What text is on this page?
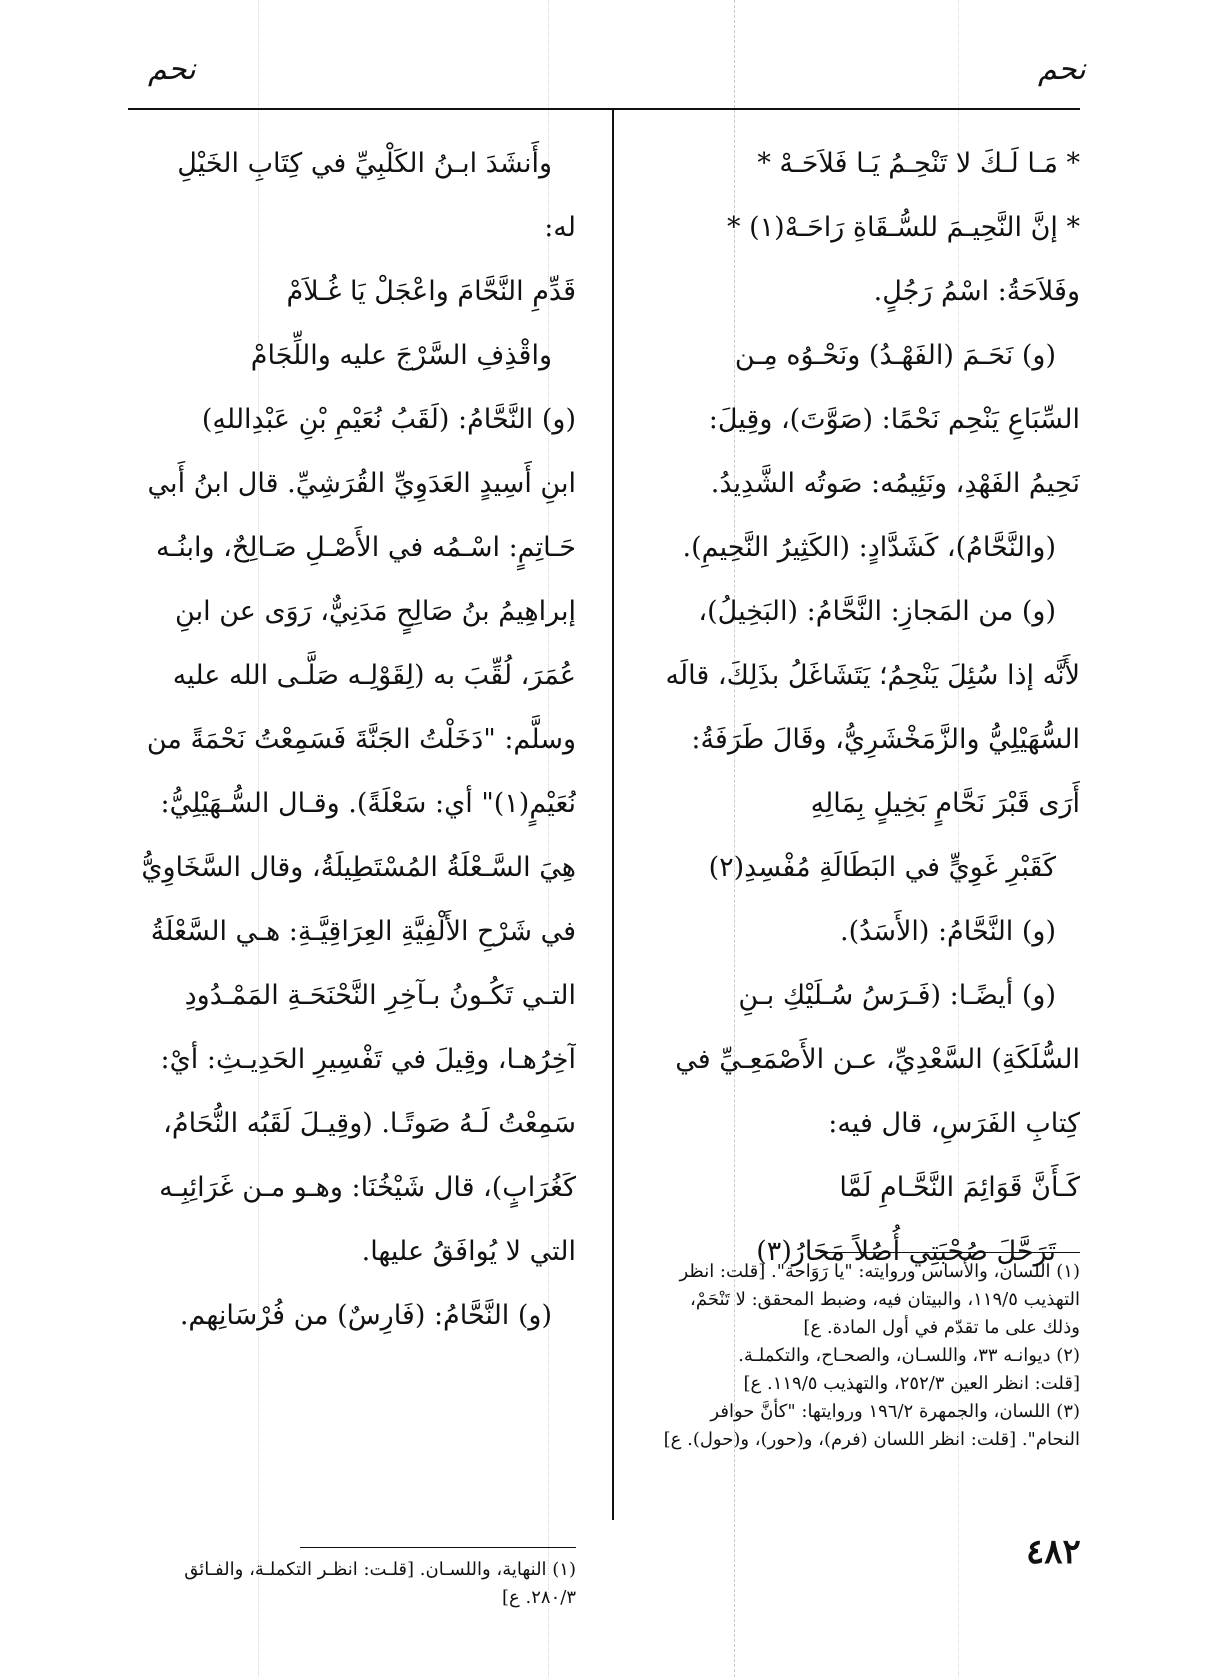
نحم	نحم
* مَـا لَـكَ لا تَنْحِـمُ يَـا فَلاَحَـهْ *
* إنَّ النَّحِيـمَ للسُّـقَاةِ رَاحَـهْ(١) *
وفَلاَحَةُ: اسْمُ رَجُلٍ.
(و) نَحَـمَ (الفَهْـدُ) ونَحْـوُه مِـن
السِّبَاعِ يَنْحِم نَحْمًا: (صَوَّتَ)، وقِيلَ:
نَحِيمُ الفَهْدِ، ونَئِيمُه: صَوتُه الشَّدِيدُ.
(والنَّحَّامُ)، كَشَدَّادٍ: (الكَثِيرُ النَّحِيمِ).
(و) من المَجازِ: النَّحَّامُ: (البَخِيلُ)،
لأَنَّه إذا سُئِلَ يَنْحِمُ؛ يَتَشَاغَلُ بذَلِكَ، قالَه
السُّهَيْلِيُّ والزَّمَخْشَرِيُّ، وقَالَ طَرَفَةُ:
أَرَى قَبْرَ نَحَّامٍ بَخِيلٍ بِمَالِهِ
كَقَبْرِ غَوِيٍّ في البَطَالَةِ مُفْسِدِ(٢)
(و) النَّحَّامُ: (الأَسَدُ).
(و) أيضًـا: (فَـرَسُ سُـلَيْكِ بـنِ
السُّلَكَةِ) السَّعْدِيِّ، عـن الأَصْمَعِـيِّ في
كِتابِ الفَرَسِ، قال فيه:
كَـأَنَّ قَوَائِمَ النَّحَّـامِ لَمَّا
تَرَحَّلَ صُحْبَتِي أُصُلاً مَحَارُ(٣)
وأَنشَدَ ابـنُ الكَلْبِيِّ في كِتَابِ الخَيْلِ
له:
قَدِّمِ النَّحَّامَ واعْجَلْ يَا غُـلاَمْ
واقْذِفِ السَّرْجَ عليه واللِّجَامْ
(و) النَّحَّامُ: (لَقَبُ نُعَيْمِ بْنِ عَبْدِاللهِ)
ابنِ أَسِيدٍ العَدَوِيِّ القُرَشِيِّ. قال ابنُ أَبي
حَـاتِمٍ: اسْـمُه في الأَصْـلِ صَـالِحٌ، وابنُـه
إبراهِيمُ بنُ صَالِحٍ مَدَنِيٌّ، رَوَى عن ابنِ
عُمَرَ، لُقِّبَ به (لِقَوْلِـه صَلَّـى الله عليه
وسلَّم: "دَخَلْتُ الجَنَّةَ فَسَمِعْتُ نَحْمَةً من
نُعَيْمٍ(١)" أي: سَعْلَةً). وقـال السُّـهَيْلِيُّ:
هِيَ السَّـعْلَةُ المُسْتَطِيلَةُ، وقال السَّخَاوِيُّ
في شَرْحِ الأَلْفِيَّةِ العِرَاقِيَّـةِ: هـي السَّعْلَةُ
التـي تَكُـونُ بـآخِرِ النَّحْنَحَـةِ المَمْـدُودِ
آخِرُهـا، وقِيلَ في تَفْسِيرِ الحَدِيـثِ: أيْ:
سَمِعْتُ لَـهُ صَوتًـا. (وقِيـلَ لَقَبُه النُّحَامُ،
كَغُرَابٍ)، قال شَيْخُنَا: وهـو مـن غَرَائِبِـه
التي لا يُوافَقُ عليها.
(و) النَّحَّامُ: (فَارِسٌ) من فُرْسَانِهم.
(١) اللسان، والأساس وروايته: "يا رَوَاحة". [قلت: انظر
التهذيب ١١٩/٥، والبيتان فيه، وضبط المحقق: لا تَنْحَمْ،
وذلك على ما تقدّم في أول المادة. ع]
(٢) ديوانـه ٣٣، واللسـان، والصحـاح، والتكملـة.
[قلت: انظر العين ٢٥٢/٣، والتهذيب ١١٩/٥. ع]
(٣) اللسان، والجمهرة ١٩٦/٢ وروايتها: "كأنَّ حوافر
النحام". [قلت: انظر اللسان (فرم)، و(حور)، و(حول). ع]
(١) النهاية، واللسـان. [قلـت: انظـر التكملـة، والفـائق
٢٨٠/٣. ع]
٤٨٢
